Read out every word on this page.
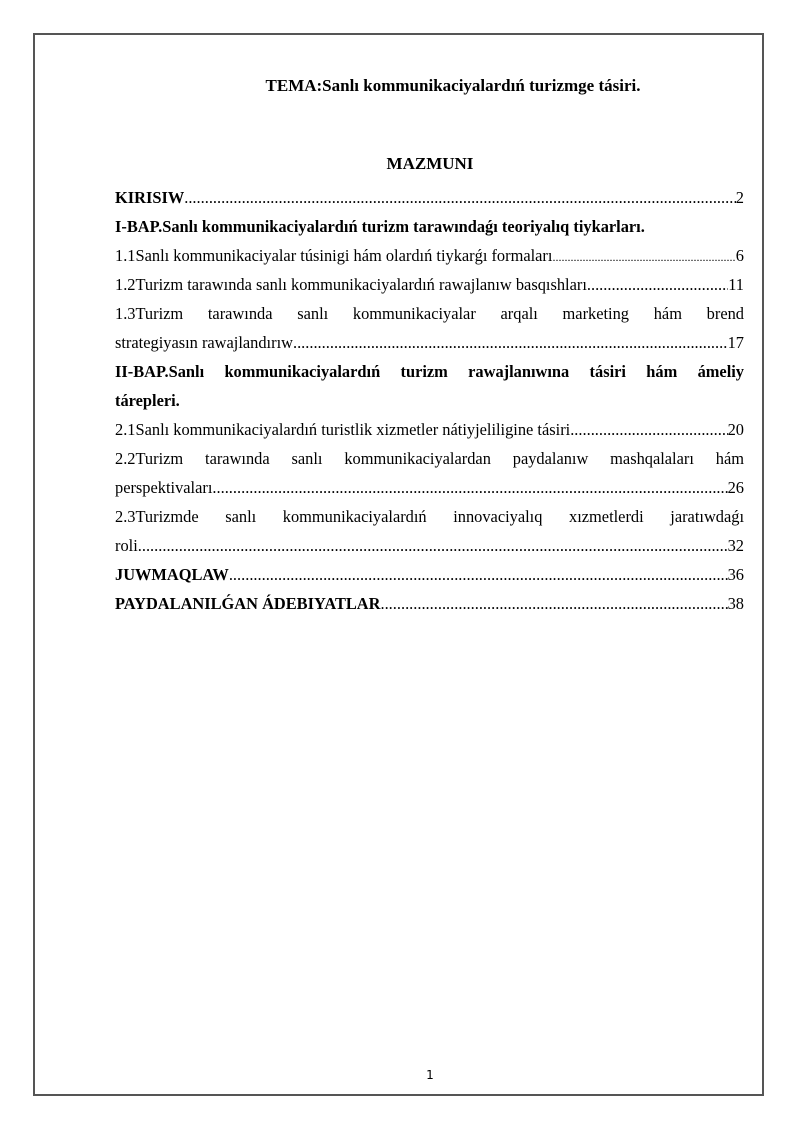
TEMA:Sanlı kommunikaciyalardıń turizmge tásiri.
MAZMUNI
KIRISIW .....	2
I-BAP.Sanlı kommunikaciyalardıń turizm tarawındaǵı teoriyalıq tiykarları.
1.1Sanlı kommunikaciyalar túsinigi hám olardıń tiykarǵı formaları .....	6
1.2Turizm tarawında sanlı kommunikaciyalardıń rawajlanıw basqıshları .....	11
1.3Turizm tarawında sanlı kommunikaciyalar arqalı marketing hám brend
strategiyasın rawajlandırıw .....	17
II-BAP.Sanlı kommunikaciyalardıń turizm rawajlanıwına tásiri hám ámeliy
tárepleri.
2.1Sanlı kommunikaciyalardıń turistlik xizmetler nátiyjeliligine tásiri .....	20
2.2Turizm tarawında sanlı kommunikaciyalardan paydalanıw mashqalaları hám
perspektivaları .....	26
2.3Turizmde sanlı kommunikaciyalardıń innovaciyalıq xızmetlerdi jaratıwdaǵı
roli .....	32
JUWMAQLAW .....	36
PAYDALANILǴAN ÁDEBIYATLAR .....	38
1
